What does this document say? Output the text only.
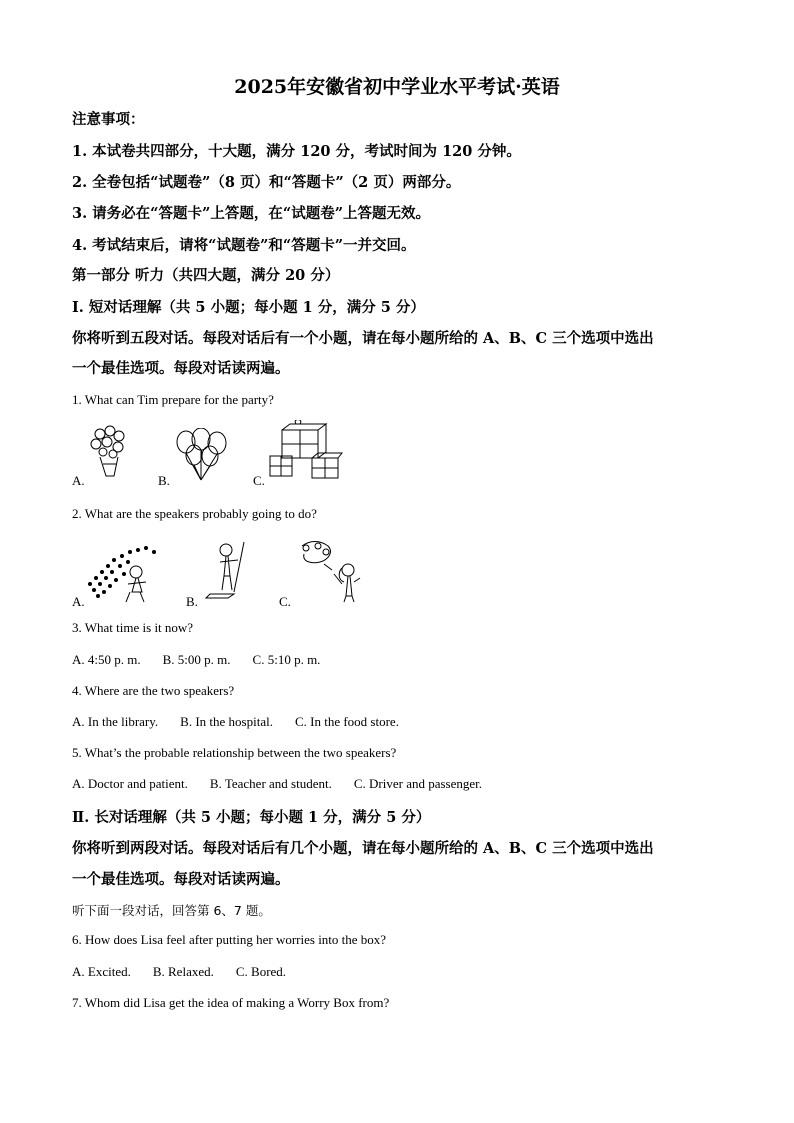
2025年安徽省初中学业水平考试·英语
注意事项：
1. 本试卷共四部分，十大题，满分 120 分，考试时间为 120 分钟。
2. 全卷包括“试题卷”（8 页）和“答题卡”（2 页）两部分。
3. 请务必在“答题卡”上答题，在“试题卷”上答题无效。
4. 考试结束后，请将“试题卷”和“答题卡”一并交回。
第一部分 听力（共四大题，满分 20 分）
I. 短对话理解（共 5 小题；每小题 1 分，满分 5 分）
你将听到五段对话。每段对话后有一个小题，请在每小题所给的 A、B、C 三个选项中选出
一个最佳选项。每段对话读两遍。
1. What can Tim prepare for the party?
A.	B.	C.
2. What are the speakers probably going to do?
A.	B.	C.
3. What time is it now?
A. 4:50 p. m. B. 5:00 p. m. C. 5:10 p. m.
4. Where are the two speakers?
A. In the library. B. In the hospital. C. In the food store.
5. What’s the probable relationship between the two speakers?
A. Doctor and patient. B. Teacher and student. C. Driver and passenger.
Ⅱ. 长对话理解（共 5 小题；每小题 1 分，满分 5 分）
你将听到两段对话。每段对话后有几个小题，请在每小题所给的 A、B、C 三个选项中选出
一个最佳选项。每段对话读两遍。
听下面一段对话，回答第 6、7 题。
6. How does Lisa feel after putting her worries into the box?
A. Excited. B. Relaxed. C. Bored.
7. Whom did Lisa get the idea of making a Worry Box from?
